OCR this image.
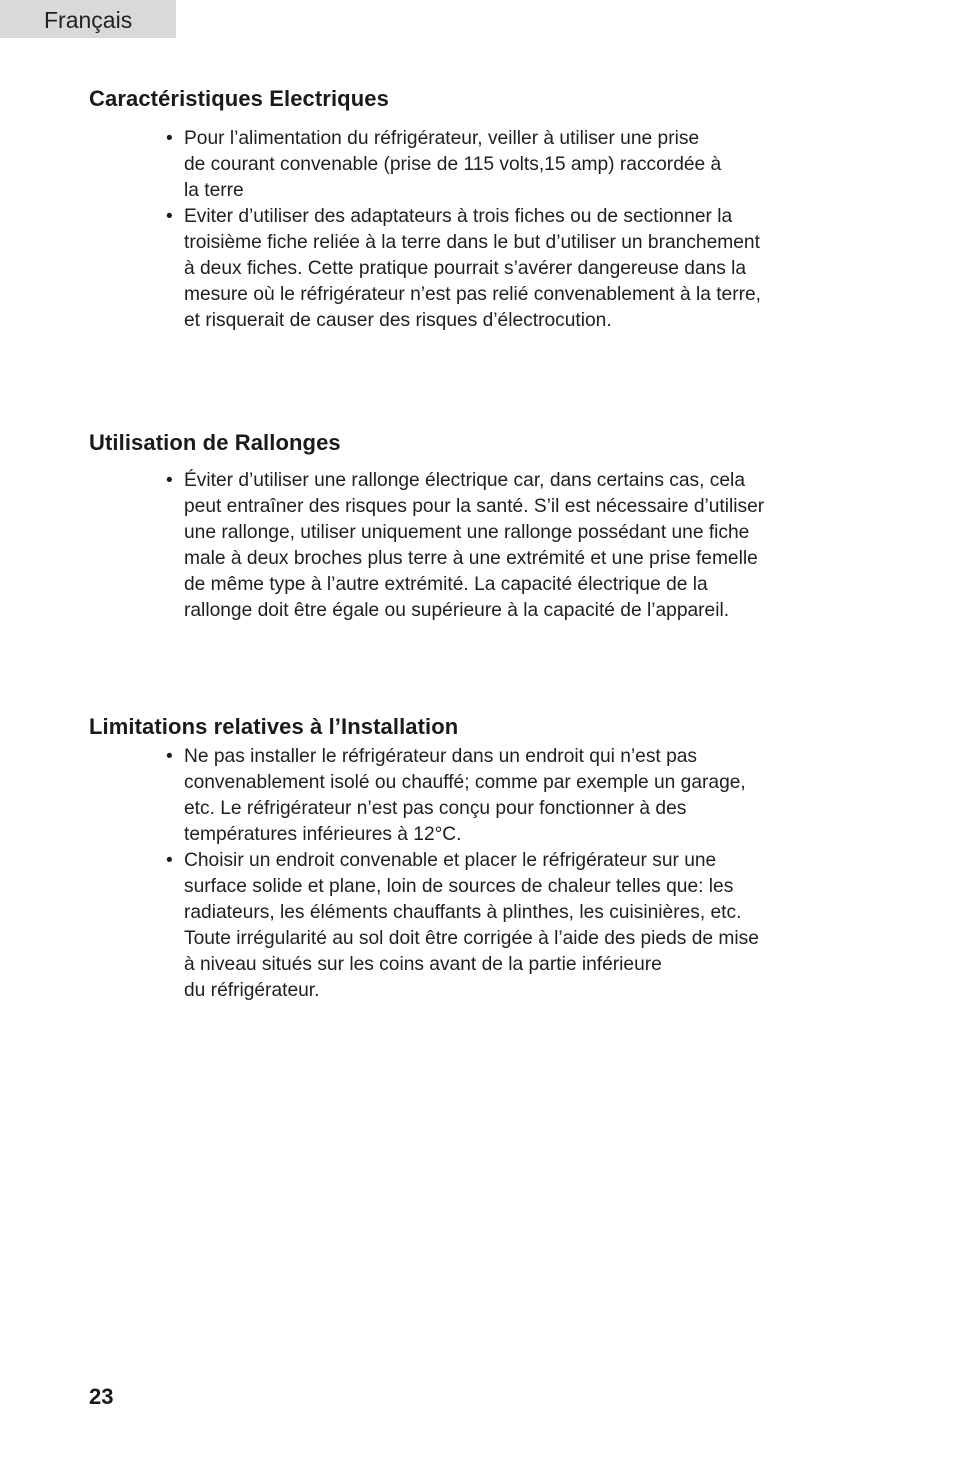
Français
Caractéristiques Electriques
• Pour l’alimentation du réfrigérateur, veiller à utiliser une prise
de courant convenable (prise de 115 volts,15 amp) raccordée à
la terre
• Eviter d’utiliser des adaptateurs à trois fiches ou de sectionner la
troisième fiche reliée à la terre dans le but d’utiliser un branchement
à deux fiches. Cette pratique pourrait s’avérer dangereuse dans la
mesure où le réfrigérateur n’est pas relié convenablement à la terre,
et risquerait de causer des risques d’électrocution.
Utilisation de Rallonges
• Éviter d’utiliser une rallonge électrique car, dans certains cas, cela
peut entraîner des risques pour la santé. S’il est nécessaire d’utiliser
une rallonge, utiliser uniquement une rallonge possédant une fiche
male à deux broches plus terre à une extrémité et une prise femelle
de même type à l’autre extrémité. La capacité électrique de la
rallonge doit être égale ou supérieure à la capacité de l’appareil.
Limitations relatives à l’Installation
• Ne pas installer le réfrigérateur dans un endroit qui n’est pas
convenablement isolé ou chauffé; comme par exemple un garage,
etc. Le réfrigérateur n’est pas conçu pour fonctionner à des
températures inférieures à 12°C.
• Choisir un endroit convenable et placer le réfrigérateur sur une
surface solide et plane, loin de sources de chaleur telles que: les
radiateurs, les éléments chauffants à plinthes, les cuisinières, etc.
Toute irrégularité au sol doit être corrigée à l’aide des pieds de mise
à niveau situés sur les coins avant de la partie inférieure
du réfrigérateur.
23
